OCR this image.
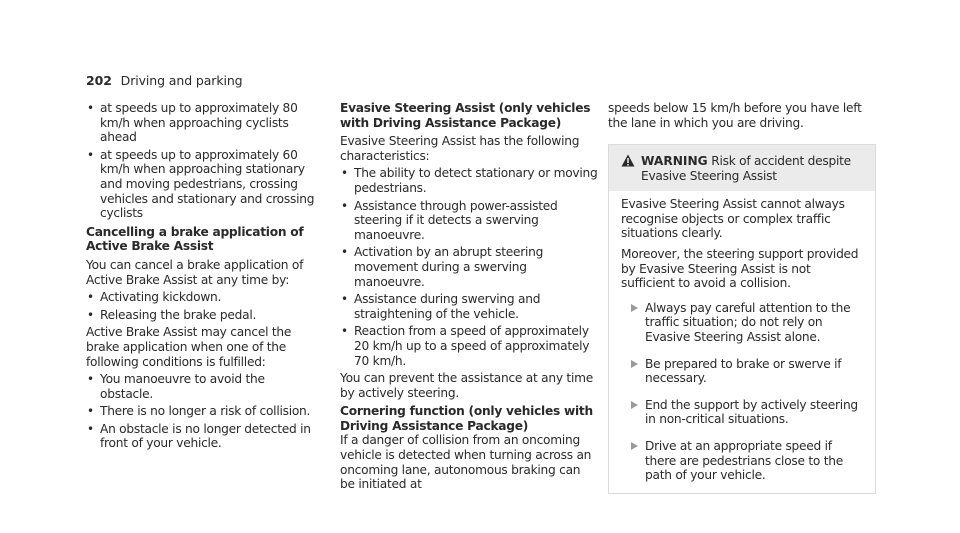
202 Driving and parking
• at speeds up to approximately 80 km/h when approaching cyclists ahead
• at speeds up to approximately 60 km/h when approaching stationary and moving pedestrians, crossing vehicles and stationary and crossing cyclists

Cancelling a brake application of Active Brake Assist

You can cancel a brake application of Active Brake Assist at any time by:

• Activating kickdown.
• Releasing the brake pedal.

Active Brake Assist may cancel the brake application when one of the following conditions is fulfilled:

• You manoeuvre to avoid the obstacle.
• There is no longer a risk of collision.
• An obstacle is no longer detected in front of your vehicle.

Evasive Steering Assist (only vehicles with Driving Assistance Package)

Evasive Steering Assist has the following characteristics:

• The ability to detect stationary or moving pedestrians.
• Assistance through power-assisted steering if it detects a swerving manoeuvre.
• Activation by an abrupt steering movement during a swerving manoeuvre.
• Assistance during swerving and straightening of the vehicle.
• Reaction from a speed of approximately 20 km/h up to a speed of approximately 70 km/h.

You can prevent the assistance at any time by actively steering.

Cornering function (only vehicles with Driving Assistance Package)

If a danger of collision from an oncoming vehicle is detected when turning across an oncoming lane, autonomous braking can be initiated at

speeds below 15 km/h before you have left the lane in which you are driving.

WARNING Risk of accident despite Evasive Steering Assist

Evasive Steering Assist cannot always recognise objects or complex traffic situations clearly.

Moreover, the steering support provided by Evasive Steering Assist is not sufficient to avoid a collision.

Always pay careful attention to the traffic situation; do not rely on Evasive Steering Assist alone.
Be prepared to brake or swerve if necessary.
End the support by actively steering in non-critical situations.
Drive at an appropriate speed if there are pedestrians close to the path of your vehicle.
